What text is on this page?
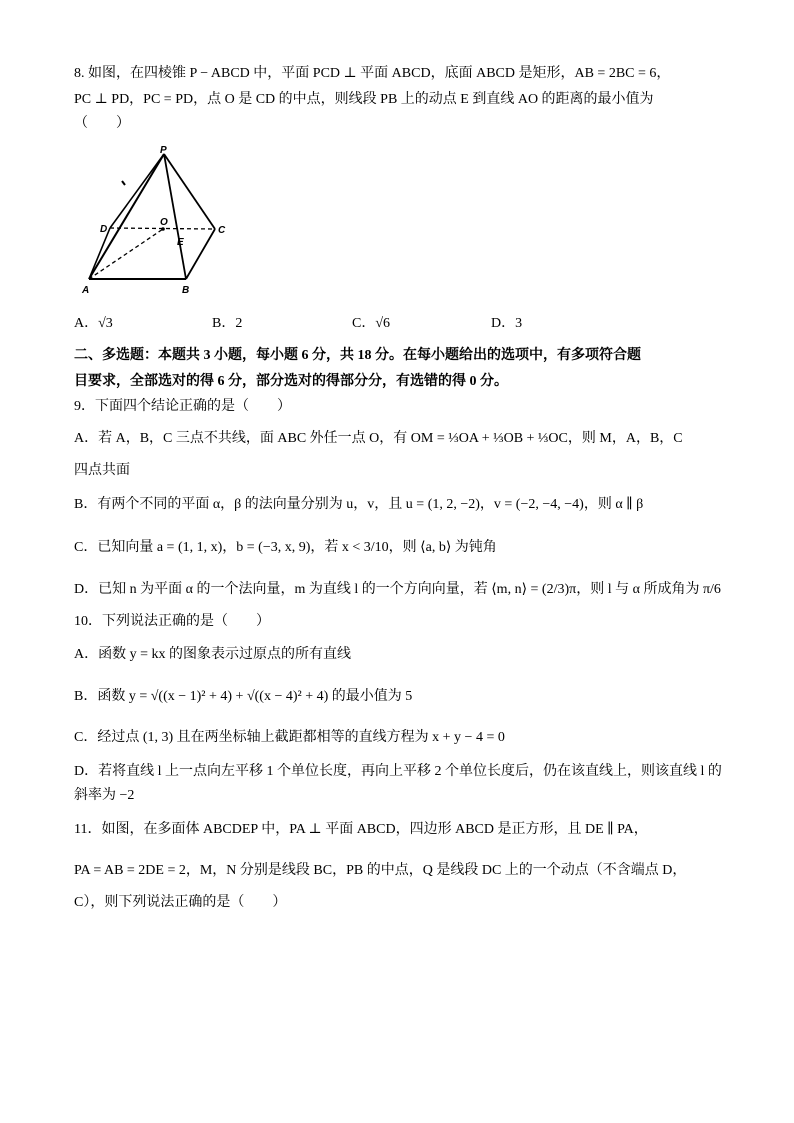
8. 如图，在四棱锥 P − ABCD 中，平面 PCD ⊥ 平面 ABCD，底面 ABCD 是矩形，AB = 2BC = 6，
PC ⊥ PD，PC = PD，点 O 是 CD 的中点，则线段 PB 上的动点 E 到直线 AO 的距离的最小值为
（　　）
P
D
O
C
E
A	B
A．√3	B．2	C．√6	D．3
二、多选题：本题共 3 小题，每小题 6 分，共 18 分。在每小题给出的选项中，有多项符合题
目要求，全部选对的得 6 分，部分选对的得部分分，有选错的得 0 分。
9．下面四个结论正确的是（　　）
A．若 A，B，C 三点不共线，面 ABC 外任一点 O，有 OM = ⅓OA + ⅓OB + ⅓OC，则 M，A，B，C
四点共面
B．有两个不同的平面 α，β 的法向量分别为 u，v，且 u = (1, 2, −2)，v = (−2, −4, −4)，则 α ∥ β
C．已知向量 a = (1, 1, x)，b = (−3, x, 9)，若 x < 3/10，则 ⟨a, b⟩ 为钝角
D．已知 n 为平面 α 的一个法向量，m 为直线 l 的一个方向向量，若 ⟨m, n⟩ = (2/3)π，则 l 与 α 所成角为 π/6
10．下列说法正确的是（　　）
A．函数 y = kx 的图象表示过原点的所有直线
B．函数 y = √((x − 1)² + 4) + √((x − 4)² + 4) 的最小值为 5
C．经过点 (1, 3) 且在两坐标轴上截距都相等的直线方程为 x + y − 4 = 0
D．若将直线 l 上一点向左平移 1 个单位长度，再向上平移 2 个单位长度后，仍在该直线上，则该直线 l 的
斜率为 −2
11．如图，在多面体 ABCDEP 中，PA ⊥ 平面 ABCD，四边形 ABCD 是正方形，且 DE ∥ PA，
PA = AB = 2DE = 2，M，N 分别是线段 BC，PB 的中点，Q 是线段 DC 上的一个动点（不含端点 D，
C），则下列说法正确的是（　　）
